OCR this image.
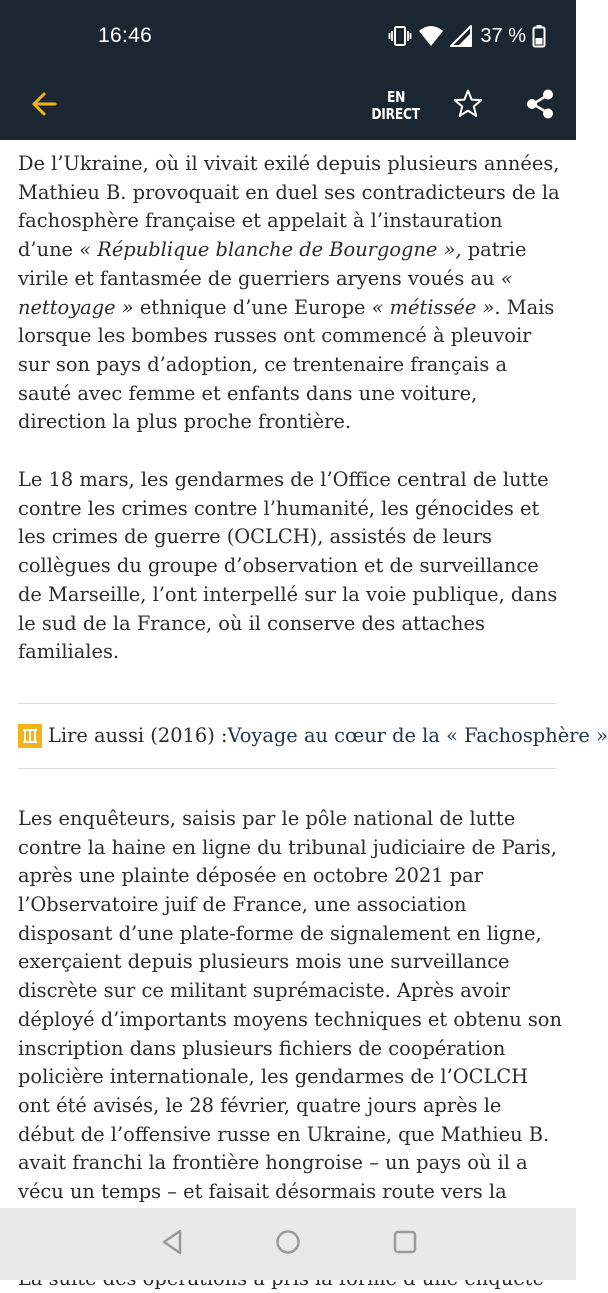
16:46	37 %
EN
DIRECT

De l’Ukraine, où il vivait exilé depuis plusieurs années, Mathieu B. provoquait en duel ses contradicteurs de la fachosphère française et appelait à l’instauration d’une « République blanche de Bourgogne », patrie virile et fantasmée de guerriers aryens voués au « nettoyage » ethnique d’une Europe « métissée ». Mais lorsque les bombes russes ont commencé à pleuvoir sur son pays d’adoption, ce trentenaire français a sauté avec femme et enfants dans une voiture, direction la plus proche frontière.

Le 18 mars, les gendarmes de l’Office central de lutte contre les crimes contre l’humanité, les génocides et les crimes de guerre (OCLCH), assistés de leurs collègues du groupe d’observation et de surveillance de Marseille, l’ont interpellé sur la voie publique, dans le sud de la France, où il conserve des attaches familiales.

Lire aussi (2016) : Voyage au cœur de la « Fachosphère »

Les enquêteurs, saisis par le pôle national de lutte contre la haine en ligne du tribunal judiciaire de Paris, après une plainte déposée en octobre 2021 par l’Observatoire juif de France, une association disposant d’une plate-forme de signalement en ligne, exerçaient depuis plusieurs mois une surveillance discrète sur ce militant suprémaciste. Après avoir déployé d’importants moyens techniques et obtenu son inscription dans plusieurs fichiers de coopération policière internationale, les gendarmes de l’OCLCH ont été avisés, le 28 février, quatre jours après le début de l’offensive russe en Ukraine, que Mathieu B. avait franchi la frontière hongroise – un pays où il a vécu un temps – et faisait désormais route vers la
